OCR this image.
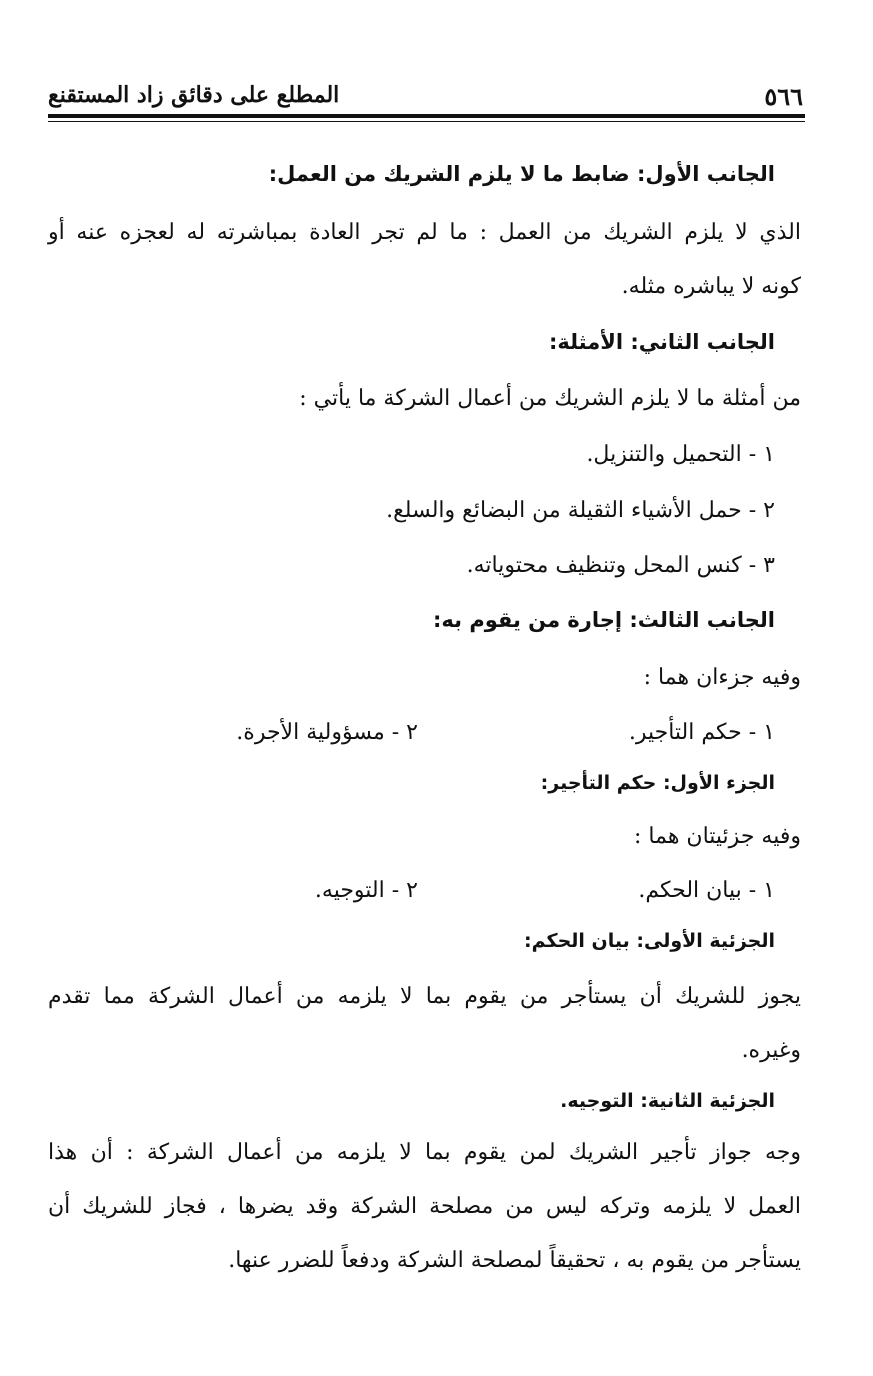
٥٦٦
المطلع على دقائق زاد المستقنع
الجانب الأول: ضابط ما لا يلزم الشريك من العمل:
الذي لا يلزم الشريك من العمل : ما لم تجر العادة بمباشرته له لعجزه عنه أو
كونه لا يباشره مثله.
الجانب الثاني: الأمثلة:
من أمثلة ما لا يلزم الشريك من أعمال الشركة ما يأتي :
١ - التحميل والتنزيل.
٢ - حمل الأشياء الثقيلة من البضائع والسلع.
٣ - كنس المحل وتنظيف محتوياته.
الجانب الثالث: إجارة من يقوم به:
وفيه جزءان هما :
١ - حكم التأجير.
٢ - مسؤولية الأجرة.
الجزء الأول: حكم التأجير:
وفيه جزئيتان هما :
١ - بيان الحكم.
٢ - التوجيه.
الجزئية الأولى: بيان الحكم:
يجوز للشريك أن يستأجر من يقوم بما لا يلزمه من أعمال الشركة مما تقدم
وغيره.
الجزئية الثانية: التوجيه.
وجه جواز تأجير الشريك لمن يقوم بما لا يلزمه من أعمال الشركة : أن هذا
العمل لا يلزمه وتركه ليس من مصلحة الشركة وقد يضرها ، فجاز للشريك أن
يستأجر من يقوم به ، تحقيقاً لمصلحة الشركة ودفعاً للضرر عنها.
